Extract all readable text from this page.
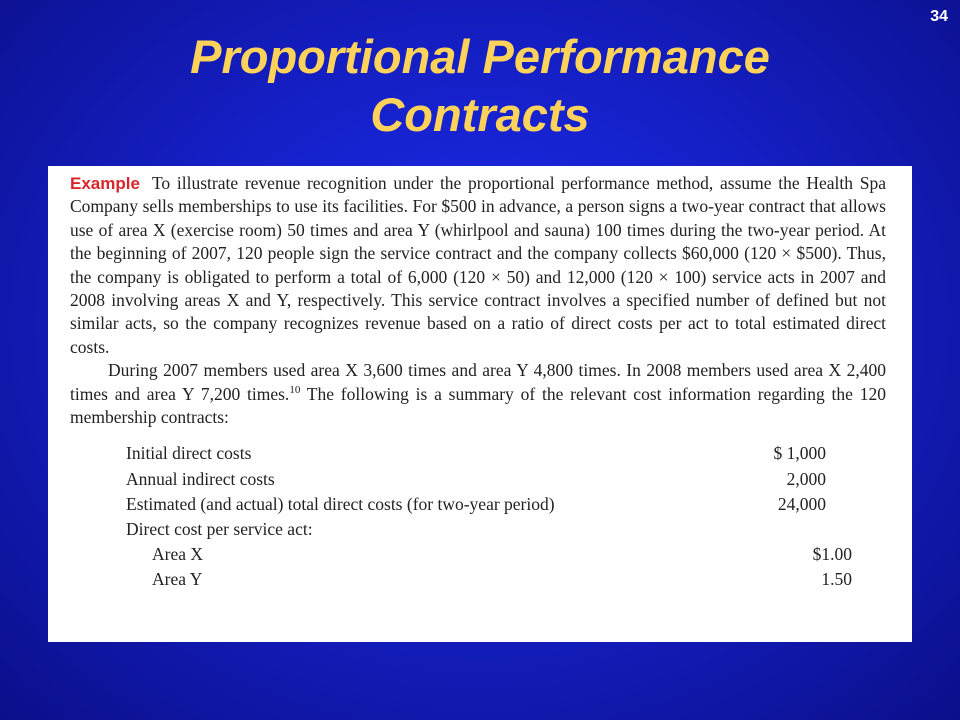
34
Proportional Performance
Contracts

Example To illustrate revenue recognition under the proportional performance method, assume the Health Spa Company sells memberships to use its facilities. For $500 in advance, a person signs a two-year contract that allows use of area X (exercise room) 50 times and area Y (whirlpool and sauna) 100 times during the two-year period. At the beginning of 2007, 120 people sign the service contract and the company collects $60,000 (120 × $500). Thus, the company is obligated to perform a total of 6,000 (120 × 50) and 12,000 (120 × 100) service acts in 2007 and 2008 involving areas X and Y, respectively. This service contract involves a specified number of defined but not similar acts, so the company recognizes revenue based on a ratio of direct costs per act to total estimated direct costs.

During 2007 members used area X 3,600 times and area Y 4,800 times. In 2008 members used area X 2,400 times and area Y 7,200 times.$^{10}$ The following is a summary of the relevant cost information regarding the 120 membership contracts:

Initial direct costs	$ 1,000
Annual indirect costs	2,000
Estimated (and actual) total direct costs (for two-year period)	24,000
Direct cost per service act:
Area X	$1.00
Area Y	1.50
